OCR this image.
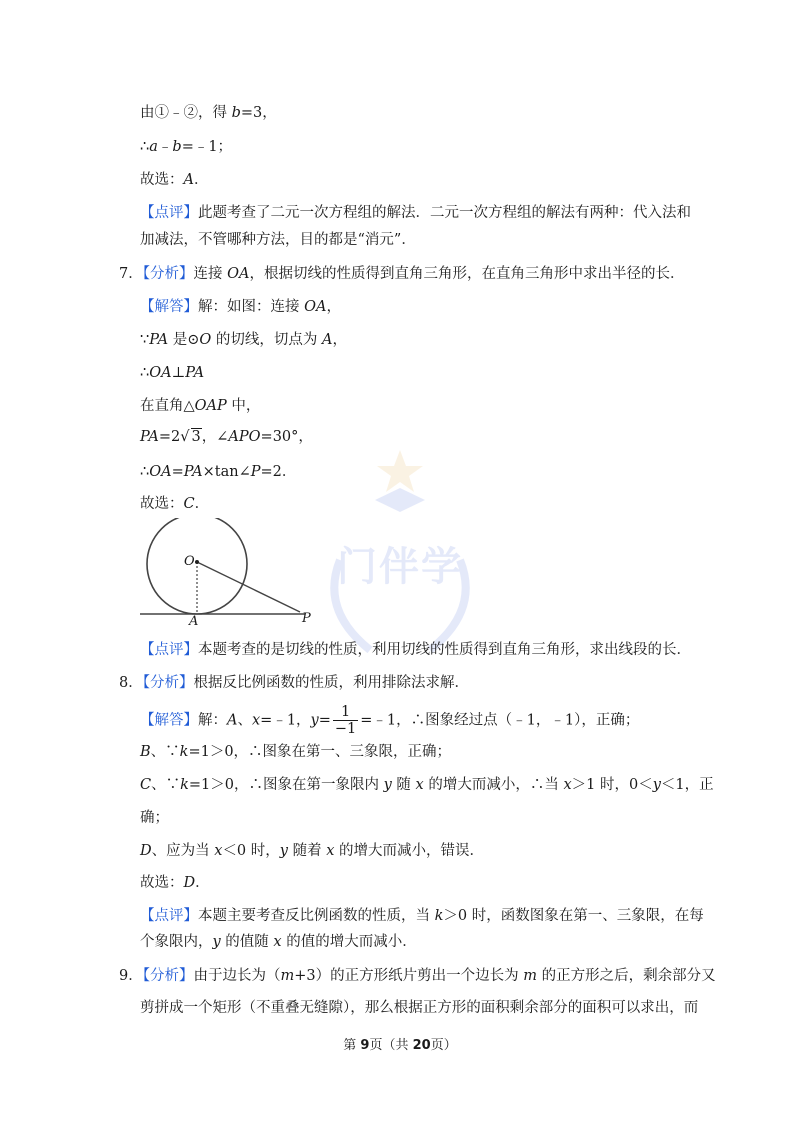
门伴学
由①﹣②，得 b=3，
∴a﹣b=﹣1；
故选：A．
【点评】此题考查了二元一次方程组的解法．二元一次方程组的解法有两种：代入法和
加减法，不管哪种方法，目的都是“消元”．
7．【分析】连接 OA，根据切线的性质得到直角三角形，在直角三角形中求出半径的长．
【解答】解：如图：连接 OA，
∵PA 是⊙O 的切线，切点为 A，
∴OA⊥PA
在直角△OAP 中，
PA=2√ 3，∠APO=30°，
∴OA=PA×tan∠P=2．
故选：C．
O
A	P
【点评】本题考查的是切线的性质，利用切线的性质得到直角三角形，求出线段的长．
8．【分析】根据反比例函数的性质，利用排除法求解．
【解答】解：A、x=﹣1，$y= \frac{1}{-1}$ =﹣1，∴图象经过点（﹣1，﹣1），正确；
B、∵k=1＞0，∴图象在第一、三象限，正确；
C、∵k=1＞0，∴图象在第一象限内 y 随 x 的增大而减小，∴当 x＞1 时，0＜y＜1，正
确；
D、应为当 x＜0 时，y 随着 x 的增大而减小，错误．
故选：D．
【点评】本题主要考查反比例函数的性质，当 k＞0 时，函数图象在第一、三象限，在每
个象限内，y 的值随 x 的值的增大而减小．
9．【分析】由于边长为（m+3）的正方形纸片剪出一个边长为 m 的正方形之后，剩余部分又
剪拼成一个矩形（不重叠无缝隙），那么根据正方形的面积剩余部分的面积可以求出，而
第 9页（共 20页）
